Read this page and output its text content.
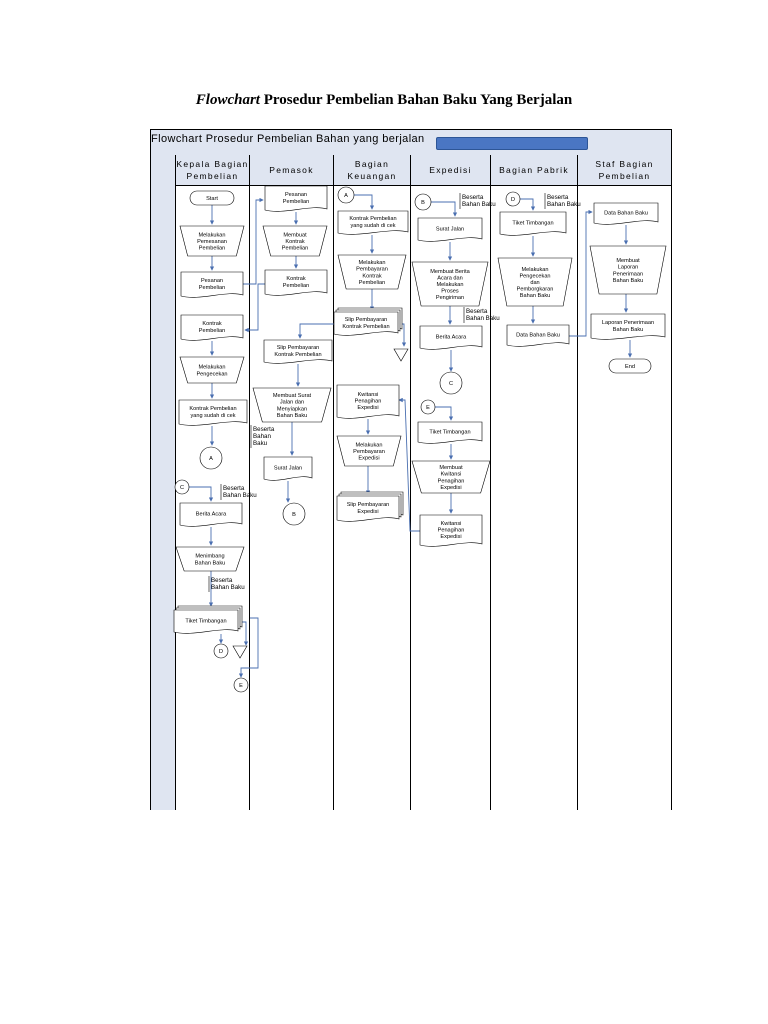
Flowchart Prosedur Pembelian Bahan Baku Yang Berjalan
Flowchart Prosedur Pembelian Bahan yang berjalan
Kepala Bagian
Pembelian
Pemasok
Bagian
Keuangan
Expedisi	Bagian Pabrik
Staf Bagian
Pembelian
Start
Melakukan
Pemesanan
Pembelian
Pesanan
Pembelian
Kontrak
Pembelian
Melakukan
Pengecekan
Kontrak Pembelian
yang sudah di cek
A
C	Beserta
Bahan Baku
Berita Acara
Menimbang
Bahan Baku
Beserta
Bahan Baku
Tiket Timbangan
D
E
Pesanan
Pembelian
Membuat
Kontrak
Pembelian
Kontrak
Pembelian
Slip Pembayaran
Kontrak Pembelian
Membuat Surat
Jalan dan
Menyiapkan
Bahan Baku
Beserta
Bahan
Baku
Surat Jalan
B
A
Kontrak Pembelian
yang sudah di cek
Melakukan
Pembayaran
Kontrak
Pembelian
Slip Pembayaran
Kontrak Pembelian
Kwitansi
Penagihan
Expedisi
Melakukan
Pembayaran
Expedisi
Slip Pembayaran
Expedisi
B
Beserta
Bahan Baku
Surat Jalan
Membuat Berita
Acara dan
Melakukan
Proses
Pengiriman
Beserta
Bahan Baku
Berita Acara
C
E
Tiket Timbangan
Membuat
Kwitansi
Penagihan
Expedisi
Kwitansi
Penagihan
Expedisi
D	Beserta
Bahan Baku
Tiket Timbangan
Melakukan
Pengecekan
dan
Pemborgkaran
Bahan Baku
Data Bahan Baku
Data Bahan Baku
Membuat
Laporan
Penerimaan
Bahan Baku
Laporan Penerimaan
Bahan Baku
End
